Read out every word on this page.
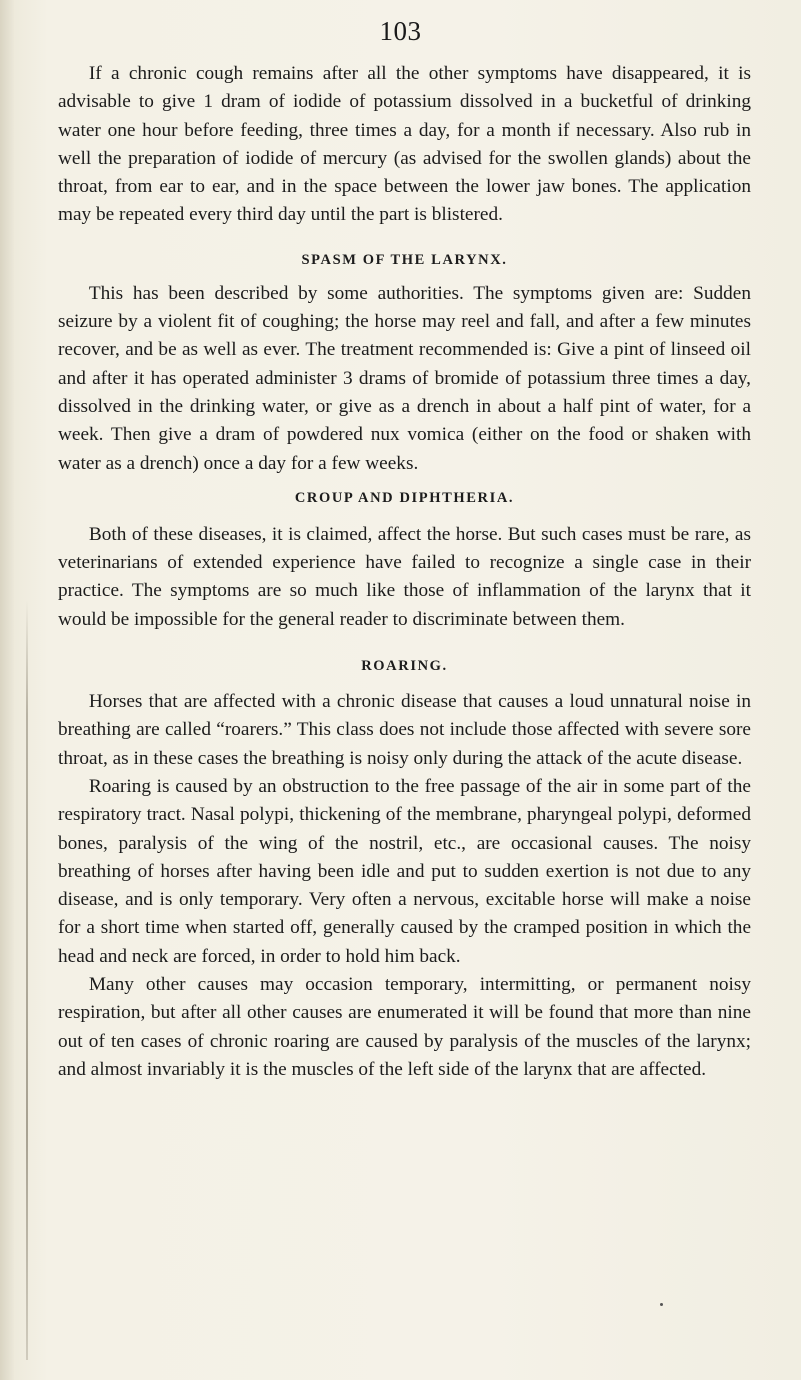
103

If a chronic cough remains after all the other symptoms have disappeared, it is advisable to give 1 dram of iodide of potassium dissolved in a bucketful of drinking water one hour before feeding, three times a day, for a month if necessary. Also rub in well the preparation of iodide of mercury (as advised for the swollen glands) about the throat, from ear to ear, and in the space between the lower jaw bones. The application may be repeated every third day until the part is blistered.

SPASM OF THE LARYNX.

This has been described by some authorities. The symptoms given are: Sudden seizure by a violent fit of coughing; the horse may reel and fall, and after a few minutes recover, and be as well as ever. The treatment recommended is: Give a pint of linseed oil and after it has operated administer 3 drams of bromide of potassium three times a day, dissolved in the drinking water, or give as a drench in about a half pint of water, for a week. Then give a dram of powdered nux vomica (either on the food or shaken with water as a drench) once a day for a few weeks.

CROUP AND DIPHTHERIA.

Both of these diseases, it is claimed, affect the horse. But such cases must be rare, as veterinarians of extended experience have failed to recognize a single case in their practice. The symptoms are so much like those of inflammation of the larynx that it would be impossible for the general reader to discriminate between them.

ROARING.

Horses that are affected with a chronic disease that causes a loud unnatural noise in breathing are called “roarers.” This class does not include those affected with severe sore throat, as in these cases the breathing is noisy only during the attack of the acute disease.

Roaring is caused by an obstruction to the free passage of the air in some part of the respiratory tract. Nasal polypi, thickening of the membrane, pharyngeal polypi, deformed bones, paralysis of the wing of the nostril, etc., are occasional causes. The noisy breathing of horses after having been idle and put to sudden exertion is not due to any disease, and is only temporary. Very often a nervous, excitable horse will make a noise for a short time when started off, generally caused by the cramped position in which the head and neck are forced, in order to hold him back.

Many other causes may occasion temporary, intermitting, or permanent noisy respiration, but after all other causes are enumerated it will be found that more than nine out of ten cases of chronic roaring are caused by paralysis of the muscles of the larynx; and almost invariably it is the muscles of the left side of the larynx that are affected.
